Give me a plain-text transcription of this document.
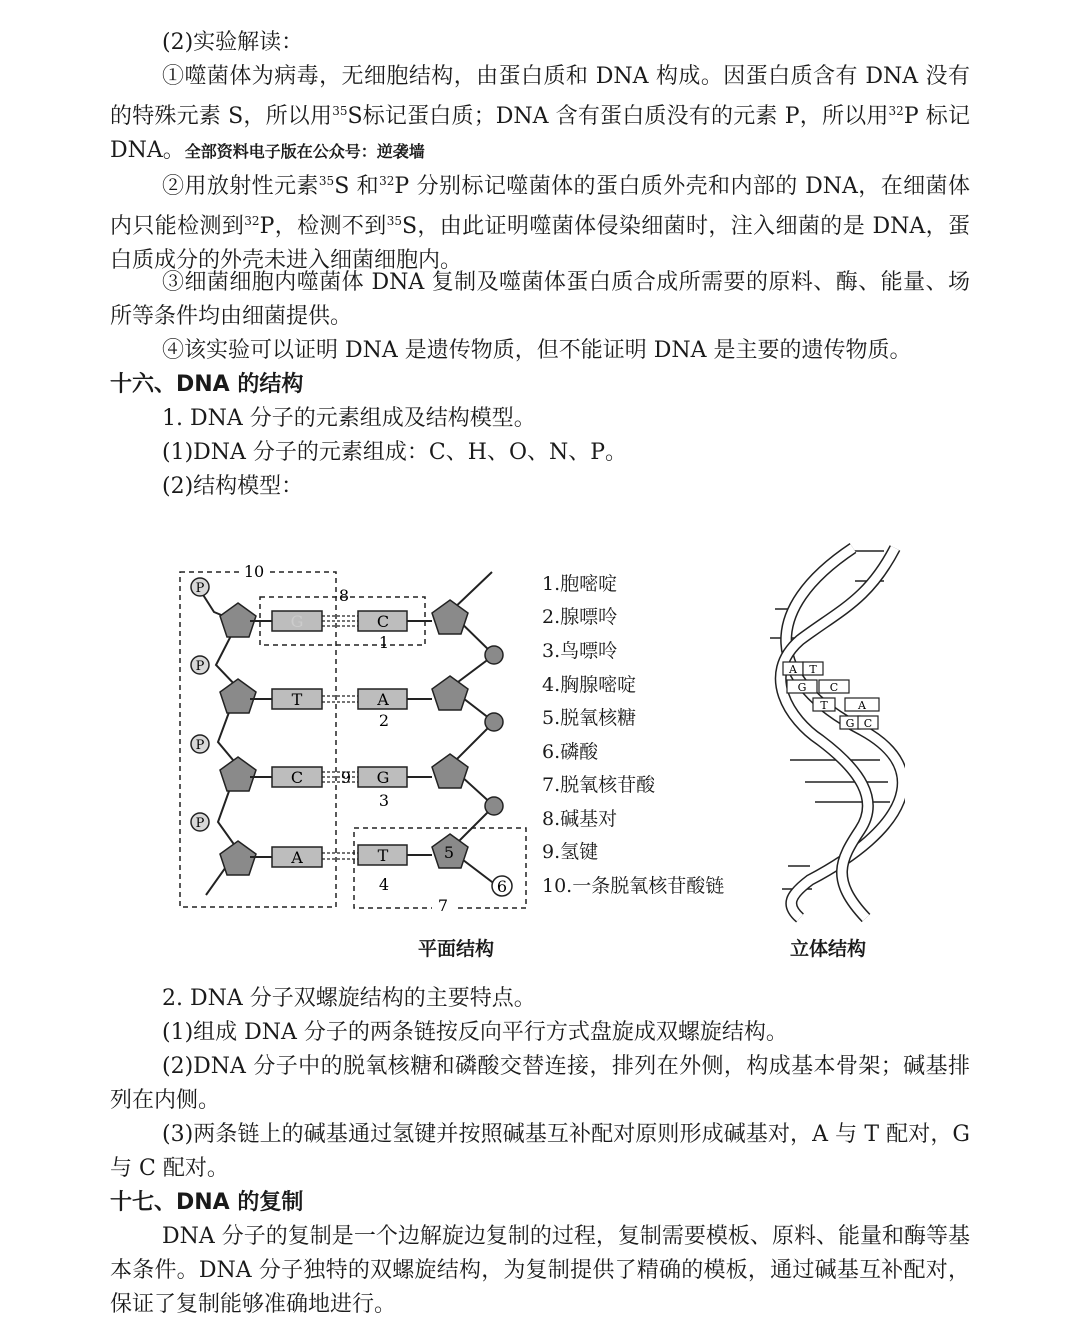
(2)实验解读：

①噬菌体为病毒，无细胞结构，由蛋白质和 DNA 构成。因蛋白质含有 DNA 没有的特殊元素 S，所以用$^{35}$S标记蛋白质；DNA 含有蛋白质没有的元素 P，所以用$^{32}$P 标记 DNA。全部资料电子版在公众号：逆袭墙

②用放射性元素$^{35}$S 和$^{32}$P 分别标记噬菌体的蛋白质外壳和内部的 DNA，在细菌体内只能检测到$^{32}$P，检测不到$^{35}$S，由此证明噬菌体侵染细菌时，注入细菌的是 DNA，蛋白质成分的外壳未进入细菌细胞内。

③细菌细胞内噬菌体 DNA 复制及噬菌体蛋白质合成所需要的原料、酶、能量、场所等条件均由细菌提供。

④该实验可以证明 DNA 是遗传物质，但不能证明 DNA 是主要的遗传物质。

十六、DNA 的结构

1. DNA 分子的元素组成及结构模型。

(1)DNA 分子的元素组成：C、H、O、N、P。

(2)结构模型：

P
P
P
P
G
T
C
A
C
A
G
T
10
8
1
2
9
3
4
5
6
7
1.胞嘧啶
2.腺嘌呤
3.鸟嘌呤
4.胸腺嘧啶
5.脱氧核糖
6.磷酸
7.脱氧核苷酸
8.碱基对
9.氢键
10.一条脱氧核苷酸链
A T
G C
T	A
G C
平面结构	立体结构

2. DNA 分子双螺旋结构的主要特点。

(1)组成 DNA 分子的两条链按反向平行方式盘旋成双螺旋结构。

(2)DNA 分子中的脱氧核糖和磷酸交替连接，排列在外侧，构成基本骨架；碱基排列在内侧。

(3)两条链上的碱基通过氢键并按照碱基互补配对原则形成碱基对，A 与 T 配对，G 与 C 配对。

十七、DNA 的复制

DNA 分子的复制是一个边解旋边复制的过程，复制需要模板、原料、能量和酶等基本条件。DNA 分子独特的双螺旋结构，为复制提供了精确的模板，通过碱基互补配对，保证了复制能够准确地进行。
